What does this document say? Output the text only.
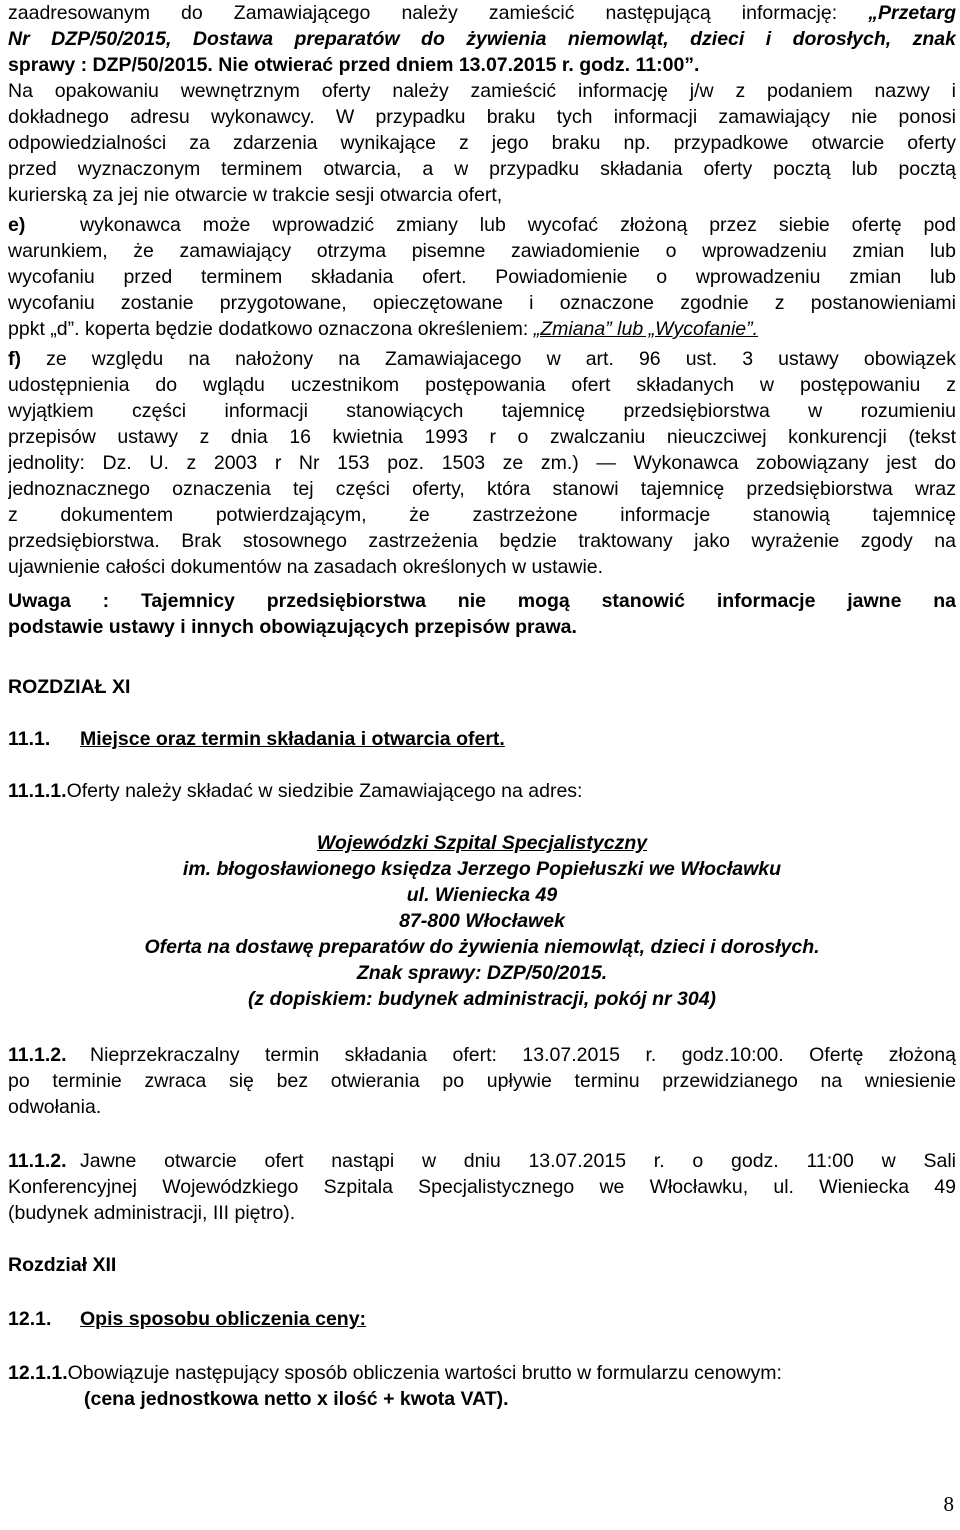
zaadresowanym do Zamawiającego należy zamieścić następującą informację: „Przetarg
Nr DZP/50/2015, Dostawa preparatów do żywienia niemowląt, dzieci i dorosłych, znak
sprawy : DZP/50/2015. Nie otwierać przed dniem 13.07.2015 r. godz. 11:00”.
Na opakowaniu wewnętrznym oferty należy zamieścić informację j/w z podaniem nazwy i
dokładnego adresu wykonawcy. W przypadku braku tych informacji zamawiający nie ponosi
odpowiedzialności za zdarzenia wynikające z jego braku np. przypadkowe otwarcie oferty
przed wyznaczonym terminem otwarcia, a w przypadku składania oferty pocztą lub pocztą
kurierską za jej nie otwarcie w trakcie sesji otwarcia ofert,
e)	wykonawca może wprowadzić zmiany lub wycofać złożoną przez siebie ofertę pod
warunkiem, że zamawiający otrzyma pisemne zawiadomienie o wprowadzeniu zmian lub
wycofaniu przed terminem składania ofert. Powiadomienie o wprowadzeniu zmian lub
wycofaniu zostanie przygotowane, opieczętowane i oznaczone zgodnie z postanowieniami
ppkt „d”. koperta będzie dodatkowo oznaczona określeniem: „Zmiana” lub „Wycofanie”.
f) ze względu na nałożony na Zamawiajacego w art. 96 ust. 3 ustawy obowiązek
udostępnienia do wglądu uczestnikom postępowania ofert składanych w postępowaniu z
wyjątkiem części informacji stanowiących tajemnicę przedsiębiorstwa w rozumieniu
przepisów ustawy z dnia 16 kwietnia 1993 r o zwalczaniu nieuczciwej konkurencji (tekst
jednolity: Dz. U. z 2003 r Nr 153 poz. 1503 ze zm.) — Wykonawca zobowiązany jest do
jednoznacznego oznaczenia tej części oferty, która stanowi tajemnicę przedsiębiorstwa wraz
z dokumentem potwierdzającym, że zastrzeżone informacje stanowią tajemnicę
przedsiębiorstwa. Brak stosownego zastrzeżenia będzie traktowany jako wyrażenie zgody na
ujawnienie całości dokumentów na zasadach określonych w ustawie.
Uwaga : Tajemnicy przedsiębiorstwa nie mogą stanowić informacje jawne na
podstawie ustawy i innych obowiązujących przepisów prawa.
ROZDZIAŁ XI
11.1. Miejsce oraz termin składania i otwarcia ofert.
11.1.1.Oferty należy składać w siedzibie Zamawiającego na adres:
Wojewódzki Szpital Specjalistyczny
im. błogosławionego księdza Jerzego Popiełuszki we Włocławku
ul. Wieniecka 49
87-800 Włocławek
Oferta na dostawę preparatów do żywienia niemowląt, dzieci i dorosłych.
Znak sprawy: DZP/50/2015.
(z dopiskiem: budynek administracji, pokój nr 304)
11.1.2. Nieprzekraczalny termin składania ofert: 13.07.2015 r. godz.10:00. Ofertę złożoną
po terminie zwraca się bez otwierania po upływie terminu przewidzianego na wniesienie
odwołania.
11.1.2. Jawne otwarcie ofert nastąpi w dniu 13.07.2015 r. o godz. 11:00 w Sali
Konferencyjnej Wojewódzkiego Szpitala Specjalistycznego we Włocławku, ul. Wieniecka 49
(budynek administracji, III piętro).
Rozdział XII
12.1. Opis sposobu obliczenia ceny:
12.1.1.Obowiązuje następujący sposób obliczenia wartości brutto w formularzu cenowym:
(cena jednostkowa netto x ilość + kwota VAT).
8
